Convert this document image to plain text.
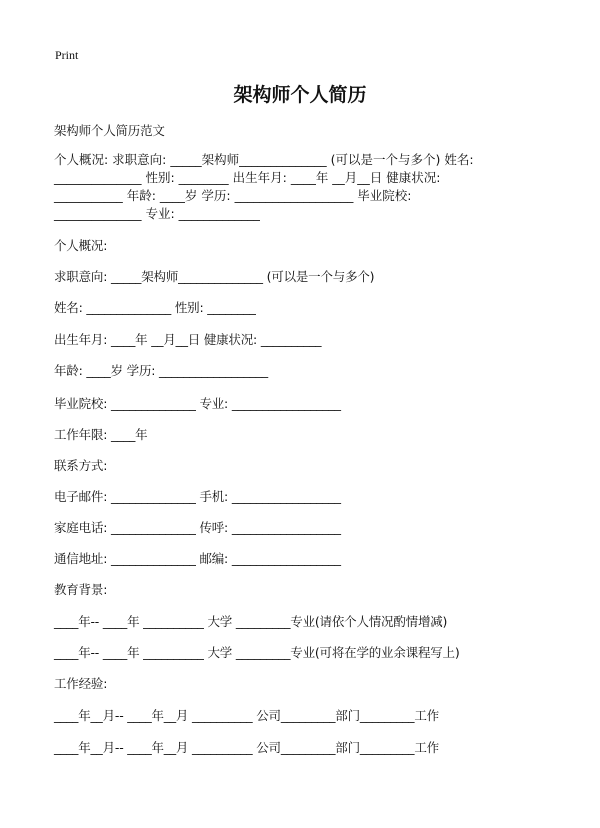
Print
架构师个人简历
架构师个人简历范文
个人概况: 求职意向: _____架构师______________ (可以是一个与多个) 姓名:
______________ 性别: ________ 出生年月: ____年 __月__日 健康状况:
___________ 年龄: ____岁 学历: ___________________ 毕业院校:
______________ 专业: _____________
个人概况:
求职意向: _____架构师______________ (可以是一个与多个)
姓名: ______________ 性别: ________
出生年月: ____年 __月__日 健康状况: __________
年龄: ____岁 学历: __________________
毕业院校: ______________ 专业: __________________
工作年限: ____年
联系方式:
电子邮件: ______________ 手机: __________________
家庭电话: ______________ 传呼: __________________
通信地址: ______________ 邮编: __________________
教育背景:
____年-- ____年 __________ 大学 _________专业(请依个人情况酌情增减)
____年-- ____年 __________ 大学 _________专业(可将在学的业余课程写上)
工作经验:
____年__月-- ____年__月 __________ 公司_________部门_________工作
____年__月-- ____年__月 __________ 公司_________部门_________工作
